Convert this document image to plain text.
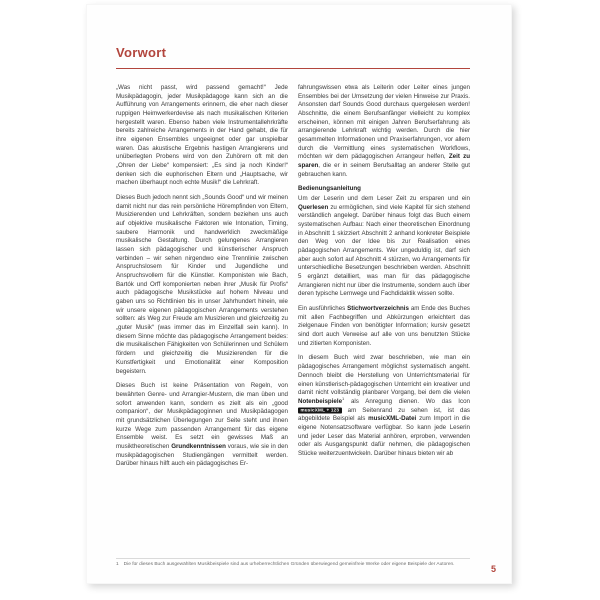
Vorwort

„Was nicht passt, wird passend gemacht!“ Jede Musikpädagogin, jeder Musikpädagoge kann sich an die Aufführung von Arrangements erinnern, die eher nach dieser ruppigen Heimwerkerdevise als nach musikalischen Kriterien hergestellt waren. Ebenso haben viele Instrumentallehrkräfte bereits zahlreiche Arrangements in der Hand gehabt, die für ihre eigenen Ensembles ungeeignet oder gar unspielbar waren. Das akustische Ergebnis hastigen Arrangierens und unüberlegten Probens wird von den Zuhörern oft mit den „Ohren der Liebe“ kompensiert: „Es sind ja noch Kinder!“ denken sich die euphorischen Eltern und „Hauptsache, wir machen überhaupt noch echte Musik!“ die Lehrkraft.

Dieses Buch jedoch nennt sich „Sounds Good“ und wir meinen damit nicht nur das rein persönliche Hörempfinden von Eltern, Musizierenden und Lehrkräften, sondern beziehen uns auch auf objektive musikalische Faktoren wie Intonation, Timing, saubere Harmonik und handwerklich zweckmäßige musikalische Gestaltung. Durch gelungenes Arrangieren lassen sich pädagogischer und künstlerischer Anspruch verbinden – wir sehen nirgendwo eine Trennlinie zwischen Anspruchslosem für Kinder und Jugendliche und Anspruchsvollem für die Künstler. Komponisten wie Bach, Bartók und Orff komponierten neben ihrer „Musik für Profis“ auch pädagogische Musikstücke auf hohem Niveau und gaben uns so Richtlinien bis in unser Jahrhundert hinein, wie wir unsere eigenen pädagogischen Arrangements verstehen sollten: als Weg zur Freude am Musizieren und gleichzeitig zu „guter Musik“ (was immer das im Einzelfall sein kann). In diesem Sinne möchte das pädagogische Arrangement beides: die musikalischen Fähigkeiten von Schülerinnen und Schülern fördern und gleichzeitig die Musizierenden für die Kunstfertigkeit und Emotionalität einer Komposition begeistern.

Dieses Buch ist keine Präsentation von Regeln, von bewährten Genre- und Arrangier-Mustern, die man üben und sofort anwenden kann, sondern es zielt als ein „good companion“, der Musikpädagoginnen und Musikpädagogen mit grundsätzlichen Überlegungen zur Seite steht und ihnen kurze Wege zum passenden Arrangement für das eigene Ensemble weist. Es setzt ein gewisses Maß an musiktheoretischen Grundkenntnissen voraus, wie sie in den musikpädagogischen Studiengängen vermittelt werden. Darüber hinaus hilft auch ein pädagogisches Er-

fahrungswissen etwa als Leiterin oder Leiter eines jungen Ensembles bei der Umsetzung der vielen Hinweise zur Praxis. Ansonsten darf Sounds Good durchaus quergelesen werden! Abschnitte, die einem Berufsanfänger vielleicht zu komplex erscheinen, können mit einigen Jahren Berufserfahrung als arrangierende Lehrkraft wichtig werden. Durch die hier gesammelten Informationen und Praxiserfahrungen, vor allem durch die Vermittlung eines systematischen Workflows, möchten wir dem pädagogischen Arrangeur helfen, Zeit zu sparen, die er in seinem Berufsalltag an anderer Stelle gut gebrauchen kann.

Bedienungsanleitung

Um der Leserin und dem Leser Zeit zu ersparen und ein Querlesen zu ermöglichen, sind viele Kapitel für sich stehend verständlich angelegt. Darüber hinaus folgt das Buch einem systematischen Aufbau: Nach einer theoretischen Einordnung in Abschnitt 1 skizziert Abschnitt 2 anhand konkreter Beispiele den Weg von der Idee bis zur Realisation eines pädagogischen Arrangements. Wer ungeduldig ist, darf sich aber auch sofort auf Abschnitt 4 stürzen, wo Arrangements für unterschiedliche Besetzungen beschrieben werden. Abschnitt 5 ergänzt detailliert, was man für das pädagogische Arrangieren nicht nur über die Instrumente, sondern auch über deren typische Lernwege und Fachdidaktik wissen sollte.

Ein ausführliches Stichwortverzeichnis am Ende des Buches mit allen Fachbegriffen und Abkürzungen erleichtert das zielgenaue Finden von benötigter Information; kursiv gesetzt sind dort auch Verweise auf alle von uns benutzten Stücke und zitierten Komponisten.

In diesem Buch wird zwar beschrieben, wie man ein pädagogisches Arrangement möglichst systematisch angeht. Dennoch bleibt die Herstellung von Unterrichtsmaterial für einen künstlerisch-pädagogischen Unterricht ein kreativer und damit nicht vollständig planbarer Vorgang, bei dem die vielen Notenbeispiele$^1$ als Anregung dienen. Wo das Icon musicXML + 123 am Seitenrand zu sehen ist, ist das abgebildete Beispiel als musicXML-Datei zum Import in die eigene Notensatzsoftware verfügbar. So kann jede Leserin und jeder Leser das Material anhören, erproben, verwenden oder als Ausgangspunkt dafür nehmen, die pädagogischen Stücke weiterzuentwickeln. Darüber hinaus bieten wir ab

1 Die für dieses Buch ausgewählten Musikbeispiele sind aus urheberrechtlichen Gründen überwiegend gemeinfreie Werke oder eigene Beispiele der Autoren.	5
